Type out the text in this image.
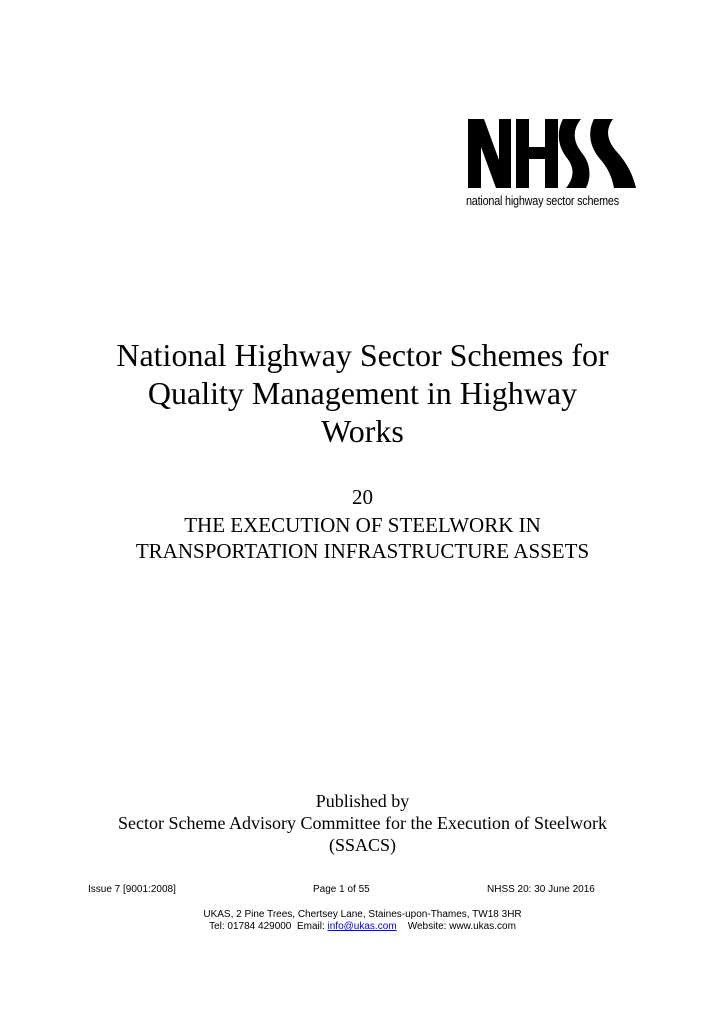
national highway sector schemes
National Highway Sector Schemes for
Quality Management in Highway
Works
20
THE EXECUTION OF STEELWORK IN
TRANSPORTATION INFRASTRUCTURE ASSETS
Published by
Sector Scheme Advisory Committee for the Execution of Steelwork
(SSACS)
Issue 7 [9001:2008]	Page 1 of 55	NHSS 20: 30 June 2016
UKAS, 2 Pine Trees, Chertsey Lane, Staines-upon-Thames, TW18 3HR
Tel: 01784 429000 Email: info@ukas.com Website: www.ukas.com
